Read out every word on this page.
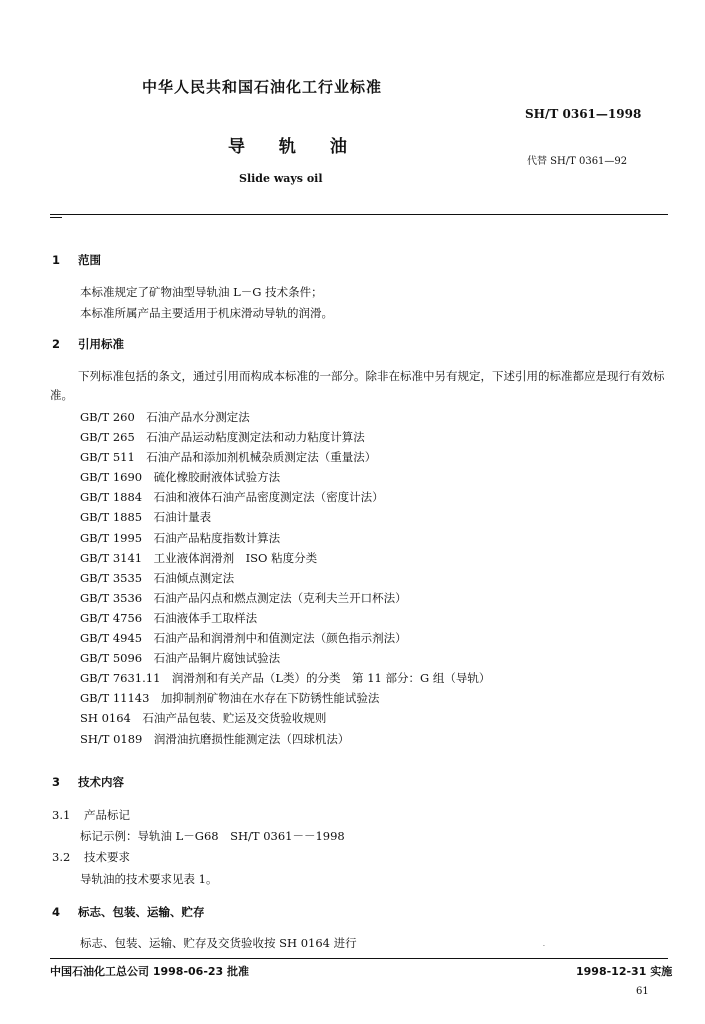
中华人民共和国石油化工行业标准
SH/T 0361—1998
导 轨 油
代替 SH/T 0361—92
Slide ways oil
1 范围
本标准规定了矿物油型导轨油 L－G 技术条件；
本标准所属产品主要适用于机床滑动导轨的润滑。
2 引用标准
下列标准包括的条文，通过引用而构成本标准的一部分。除非在标准中另有规定，下述引用的标准都应是现行有效标准。
GB/T 260　 石油产品水分测定法
GB/T 265　 石油产品运动粘度测定法和动力粘度计算法
GB/T 511　 石油产品和添加剂机械杂质测定法（重量法）
GB/T 1690　 硫化橡胶耐液体试验方法
GB/T 1884　 石油和液体石油产品密度测定法（密度计法）
GB/T 1885　 石油计量表
GB/T 1995　 石油产品粘度指数计算法
GB/T 3141　 工业液体润滑剂　ISO 粘度分类
GB/T 3535　 石油倾点测定法
GB/T 3536　 石油产品闪点和燃点测定法（克利夫兰开口杯法）
GB/T 4756　 石油液体手工取样法
GB/T 4945　 石油产品和润滑剂中和值测定法（颜色指示剂法）
GB/T 5096　 石油产品铜片腐蚀试验法
GB/T 7631.11　 润滑剂和有关产品（L类）的分类　第 11 部分：G 组（导轨）
GB/T 11143　 加抑制剂矿物油在水存在下防锈性能试验法
SH 0164　 石油产品包装、贮运及交货验收规则
SH/T 0189　 润滑油抗磨损性能测定法（四球机法）
3 技术内容
3.1 产品标记
标记示例：导轨油 L－G68　SH/T 0361－－1998
3.2 技术要求
导轨油的技术要求见表 1。
4 标志、包装、运输、贮存
标志、包装、运输、贮存及交货验收按 SH 0164 进行	·
中国石油化工总公司 1998-06-23 批准	1998-12-31 实施
61
